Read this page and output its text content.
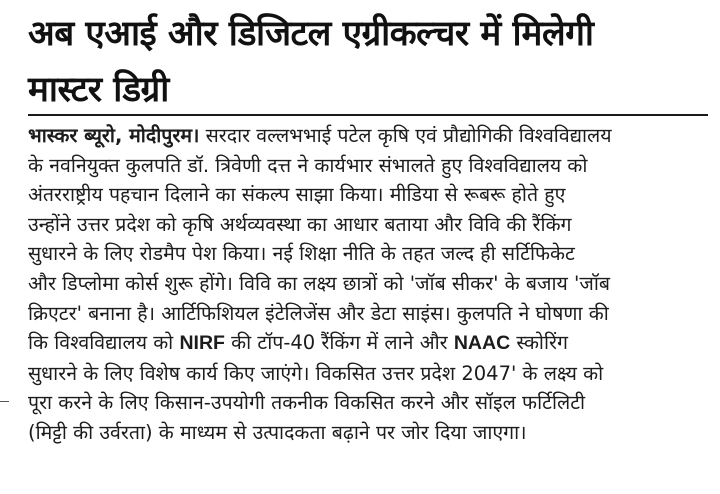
अब एआई और डिजिटल एग्रीकल्चर में मिलेगी
मास्टर डिग्री
भास्कर ब्यूरो, मोदीपुरम। सरदार वल्लभभाई पटेल कृषि एवं प्रौद्योगिकी विश्वविद्यालय
के नवनियुक्त कुलपति डॉ. त्रिवेणी दत्त ने कार्यभार संभालते हुए विश्वविद्यालय को
अंतरराष्ट्रीय पहचान दिलाने का संकल्प साझा किया। मीडिया से रूबरू होते हुए
उन्होंने उत्तर प्रदेश को कृषि अर्थव्यवस्था का आधार बताया और विवि की रैंकिंग
सुधारने के लिए रोडमैप पेश किया। नई शिक्षा नीति के तहत जल्द ही सर्टिफिकेट
और डिप्लोमा कोर्स शुरू होंगे। विवि का लक्ष्य छात्रों को 'जॉब सीकर' के बजाय 'जॉब
क्रिएटर' बनाना है। आर्टिफिशियल इंटेलिजेंस और डेटा साइंस। कुलपति ने घोषणा की
कि विश्वविद्यालय को NIRF की टॉप-40 रैंकिंग में लाने और NAAC स्कोरिंग
सुधारने के लिए विशेष कार्य किए जाएंगे। विकसित उत्तर प्रदेश 2047' के लक्ष्य को
पूरा करने के लिए किसान-उपयोगी तकनीक विकसित करने और सॉइल फर्टिलिटी
(मिट्टी की उर्वरता) के माध्यम से उत्पादकता बढ़ाने पर जोर दिया जाएगा।
